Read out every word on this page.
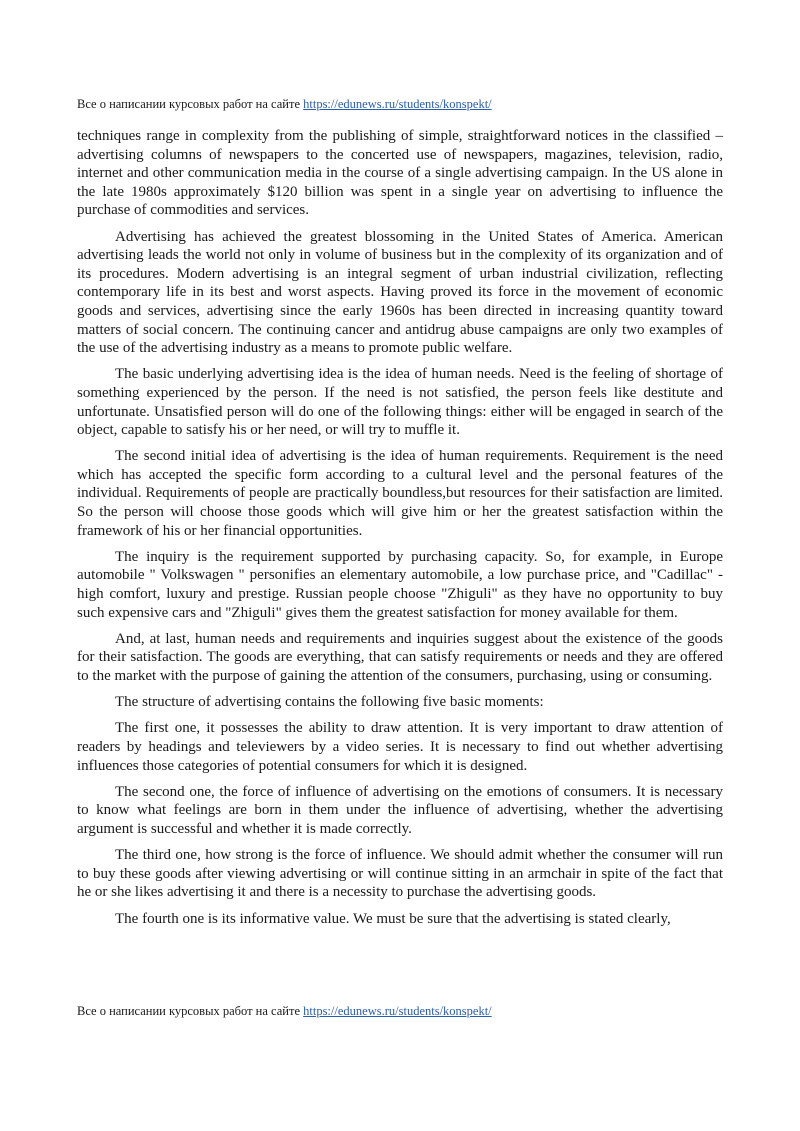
Все о написании курсовых работ на сайте https://edunews.ru/students/konspekt/

techniques range in complexity from the publishing of simple, straightforward notices in the classified – advertising columns of newspapers to the concerted use of newspapers, magazines, television, radio, internet and other communication media in the course of a single advertising campaign. In the US alone in the late 1980s approximately $120 billion was spent in a single year on advertising to influence the purchase of commodities and services.

Advertising has achieved the greatest blossoming in the United States of America. American advertising leads the world not only in volume of business but in the complexity of its organization and of its procedures. Modern advertising is an integral segment of urban industrial civilization, reflecting contemporary life in its best and worst aspects. Having proved its force in the movement of economic goods and services, advertising since the early 1960s has been directed in increasing quantity toward matters of social concern. The continuing cancer and antidrug abuse campaigns are only two examples of the use of the advertising industry as a means to promote public welfare.

The basic underlying advertising idea is the idea of human needs. Need is the feeling of shortage of something experienced by the person. If the need is not satisfied, the person feels like destitute and unfortunate. Unsatisfied person will do one of the following things: either will be engaged in search of the object, capable to satisfy his or her need, or will try to muffle it.

The second initial idea of advertising is the idea of human requirements. Requirement is the need which has accepted the specific form according to a cultural level and the personal features of the individual. Requirements of people are practically boundless,but resources for their satisfaction are limited. So the person will choose those goods which will give him or her the greatest satisfaction within the framework of his or her financial opportunities.

The inquiry is the requirement supported by purchasing capacity. So, for example, in Europe automobile " Volkswagen " personifies an elementary automobile, a low purchase price, and "Cadillac" - high comfort, luxury and prestige. Russian people choose "Zhiguli" as they have no opportunity to buy such expensive cars and "Zhiguli" gives them the greatest satisfaction for money available for them.

And, at last, human needs and requirements and inquiries suggest about the existence of the goods for their satisfaction. The goods are everything, that can satisfy requirements or needs and they are offered to the market with the purpose of gaining the attention of the consumers, purchasing, using or consuming.

The structure of advertising contains the following five basic moments:

The first one, it possesses the ability to draw attention. It is very important to draw attention of readers by headings and televiewers by a video series. It is necessary to find out whether advertising influences those categories of potential consumers for which it is designed.

The second one, the force of influence of advertising on the emotions of consumers. It is necessary to know what feelings are born in them under the influence of advertising, whether the advertising argument is successful and whether it is made correctly.

The third one, how strong is the force of influence. We should admit whether the consumer will run to buy these goods after viewing advertising or will continue sitting in an armchair in spite of the fact that he or she likes advertising it and there is a necessity to purchase the advertising goods.

The fourth one is its informative value. We must be sure that the advertising is stated clearly,

Все о написании курсовых работ на сайте https://edunews.ru/students/konspekt/
